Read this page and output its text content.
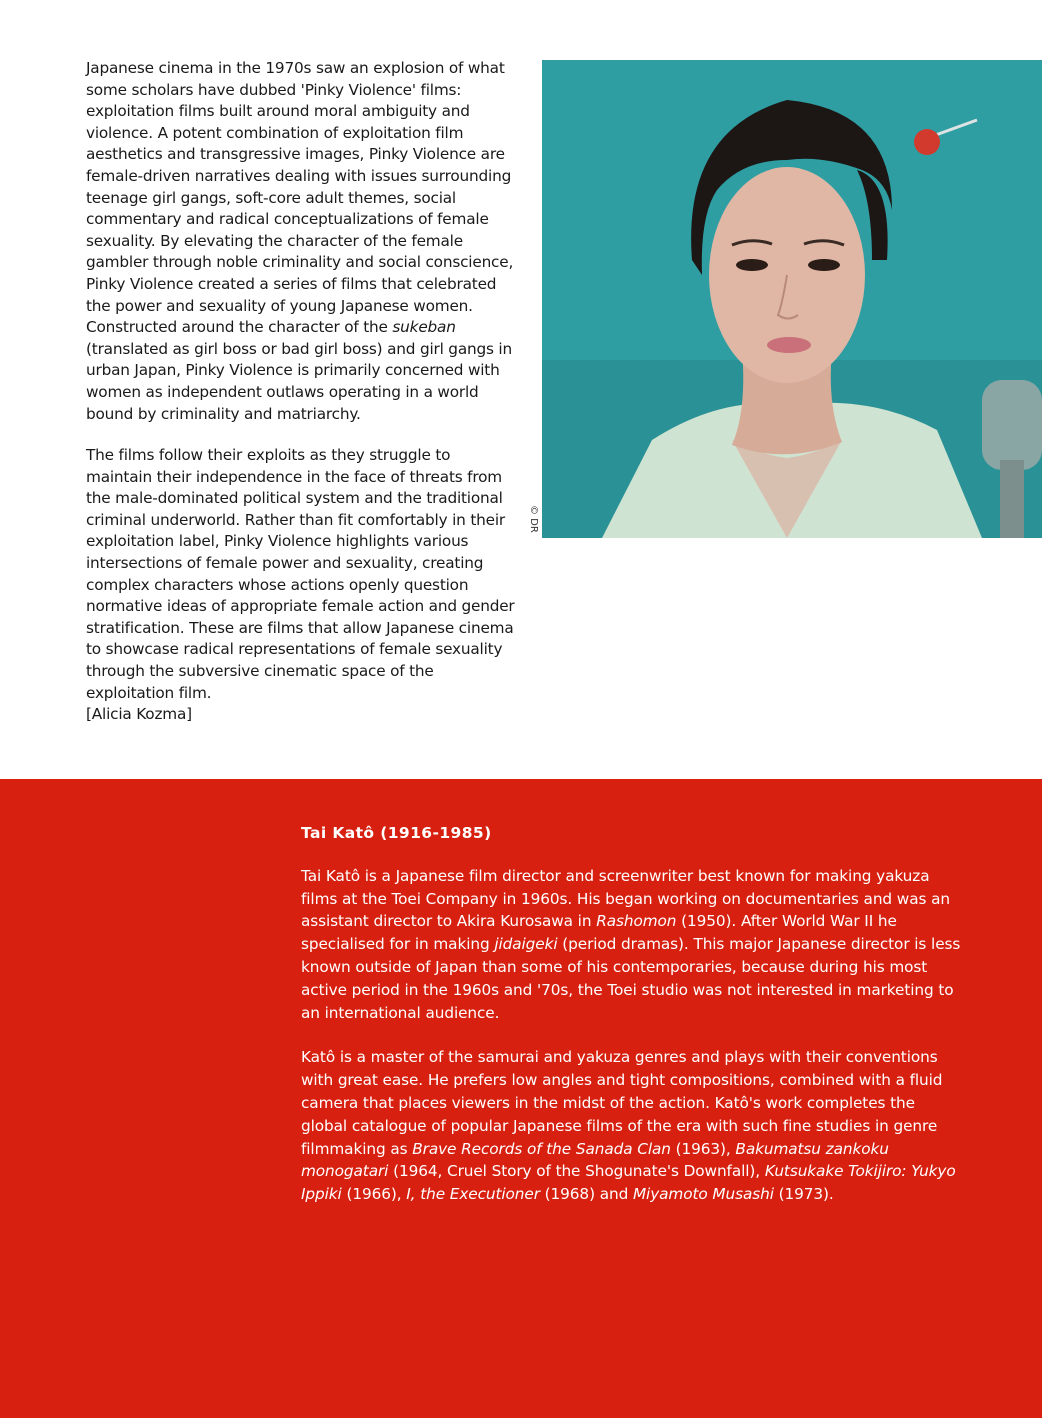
Japanese cinema in the 1970s saw an explosion of what some scholars have dubbed 'Pinky Violence' films: exploitation films built around moral ambiguity and violence. A potent combination of exploitation film aesthetics and transgressive images, Pinky Violence are female-driven narratives dealing with issues surrounding teenage girl gangs, soft-core adult themes, social commentary and radical conceptualizations of female sexuality. By elevating the character of the female gambler through noble criminality and social conscience, Pinky Violence created a series of films that celebrated the power and sexuality of young Japanese women. Constructed around the character of the sukeban (translated as girl boss or bad girl boss) and girl gangs in urban Japan, Pinky Violence is primarily concerned with women as independent outlaws operating in a world bound by criminality and matriarchy.

The films follow their exploits as they struggle to maintain their independence in the face of threats from the male-dominated political system and the traditional criminal underworld. Rather than fit comfortably in their exploitation label, Pinky Violence highlights various intersections of female power and sexuality, creating complex characters whose actions openly question normative ideas of appropriate female action and gender stratification. These are films that allow Japanese cinema to showcase radical representations of female sexuality through the subversive cinematic space of the exploitation film.
[Alicia Kozma]

© DR
Tai Katô (1916-1985)

Tai Katô is a Japanese film director and screenwriter best known for making yakuza films at the Toei Company in 1960s. His began working on documentaries and was an assistant director to Akira Kurosawa in Rashomon (1950). After World War II he specialised for in making jidaigeki (period dramas). This major Japanese director is less known outside of Japan than some of his contemporaries, because during his most active period in the 1960s and '70s, the Toei studio was not interested in marketing to an international audience.

Katô is a master of the samurai and yakuza genres and plays with their conventions with great ease. He prefers low angles and tight compositions, combined with a fluid camera that places viewers in the midst of the action. Katô's work completes the global catalogue of popular Japanese films of the era with such fine studies in genre filmmaking as Brave Records of the Sanada Clan (1963), Bakumatsu zankoku monogatari (1964, Cruel Story of the Shogunate's Downfall), Kutsukake Tokijiro: Yukyo Ippiki (1966), I, the Executioner (1968) and Miyamoto Musashi (1973).
